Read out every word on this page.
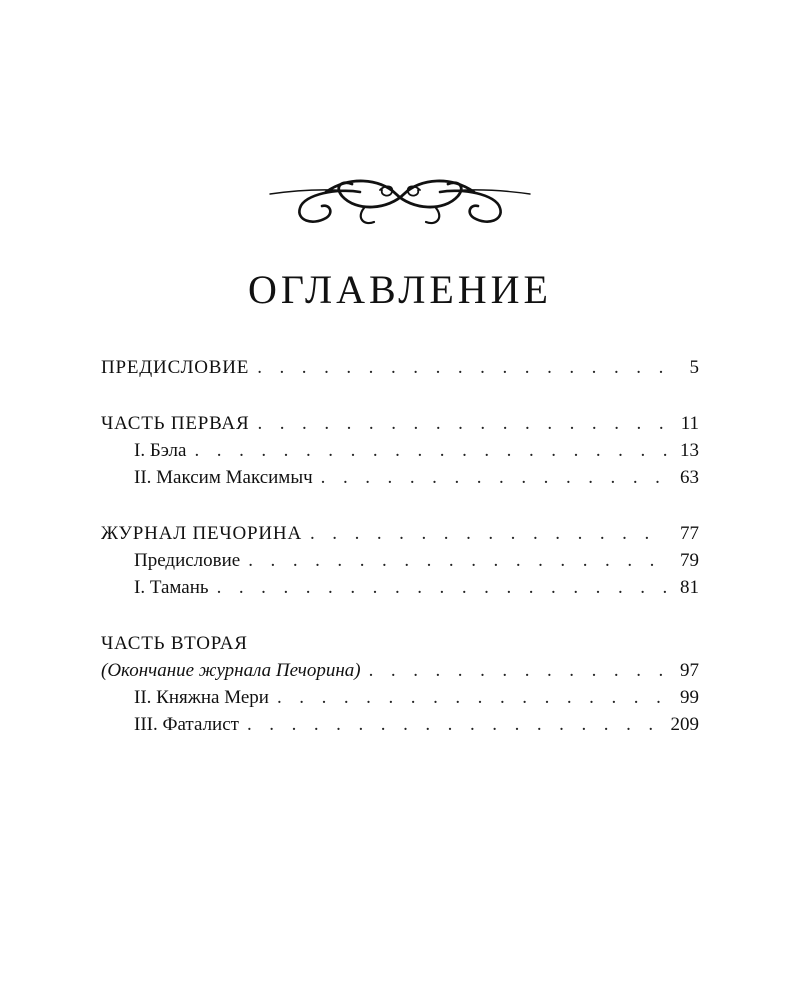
ОГЛАВЛЕНИЕ
ПРЕДИСЛОВИЕ . . .	5
ЧАСТЬ ПЕРВАЯ . . .	11
I. Бэла . . .	13
II. Максим Максимыч . . .	63
ЖУРНАЛ ПЕЧОРИНА . . .	77
Предисловие . . .	79
I. Тамань . . .	81
ЧАСТЬ ВТОРАЯ
(Окончание журнала Печорина) . . .	97
II. Княжна Мери . . .	99
III. Фаталист . . .	209
